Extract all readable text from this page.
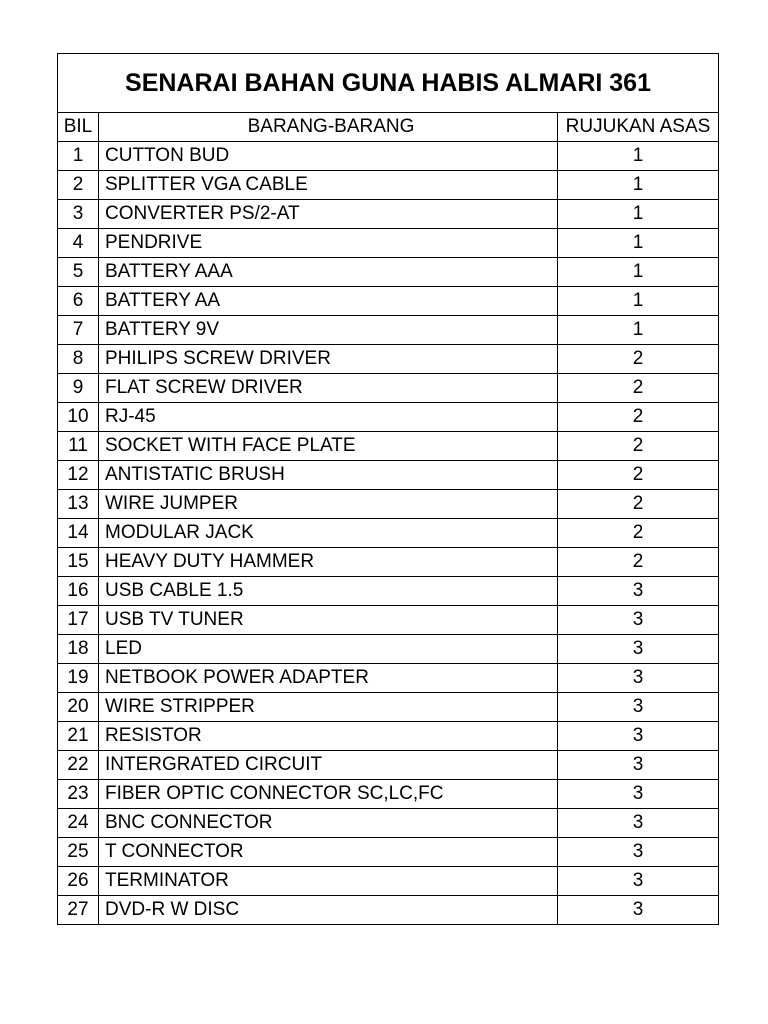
SENARAI BAHAN GUNA HABIS ALMARI 361		
BIL	BARANG-BARANG	RUJUKAN ASAS
1	CUTTON BUD	1
2	SPLITTER VGA CABLE	1
3	CONVERTER PS/2-AT	1
4	PENDRIVE	1
5	BATTERY AAA	1
6	BATTERY AA	1
7	BATTERY 9V	1
8	PHILIPS SCREW DRIVER	2
9	FLAT SCREW DRIVER	2
10	RJ-45	2
11	SOCKET WITH FACE PLATE	2
12	ANTISTATIC BRUSH	2
13	WIRE JUMPER	2
14	MODULAR JACK	2
15	HEAVY DUTY HAMMER	2
16	USB CABLE 1.5	3
17	USB TV TUNER	3
18	LED	3
19	NETBOOK POWER ADAPTER	3
20	WIRE STRIPPER	3
21	RESISTOR	3
22	INTERGRATED CIRCUIT	3
23	FIBER OPTIC CONNECTOR SC,LC,FC	3
24	BNC CONNECTOR	3
25	T CONNECTOR	3
26	TERMINATOR	3
27	DVD-R W DISC	3
